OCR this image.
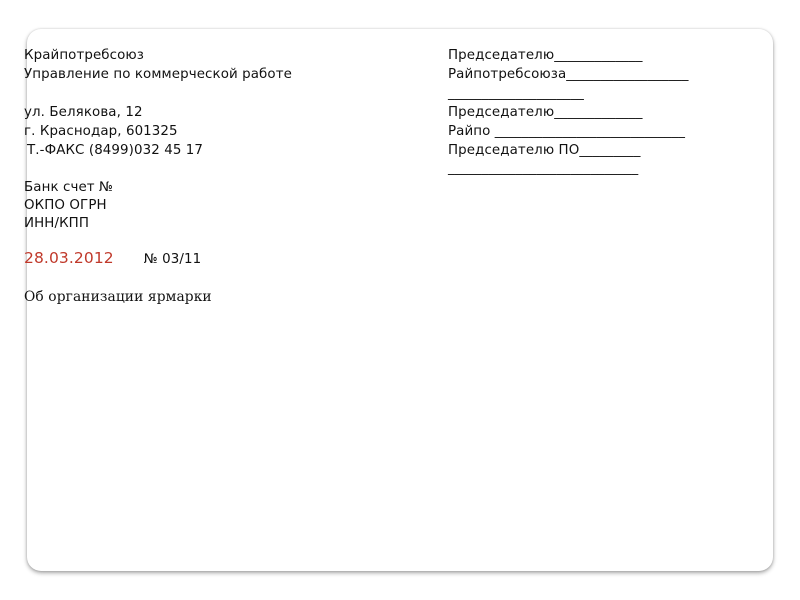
Крайпотребсоюз
Управление по коммерческой работе
ул. Белякова, 12
г. Краснодар, 601325
Т.-ФАКС (8499)032 45 17
Банк счет №
ОКПО ОГРН
ИНН/КПП
Председателю_____________
Райпотребсоюза__________________
____________________
Председателю_____________
Райпо ____________________________
Председателю ПО_________
____________________________
28.03.2012 № 03/11
Об организации ярмарки
